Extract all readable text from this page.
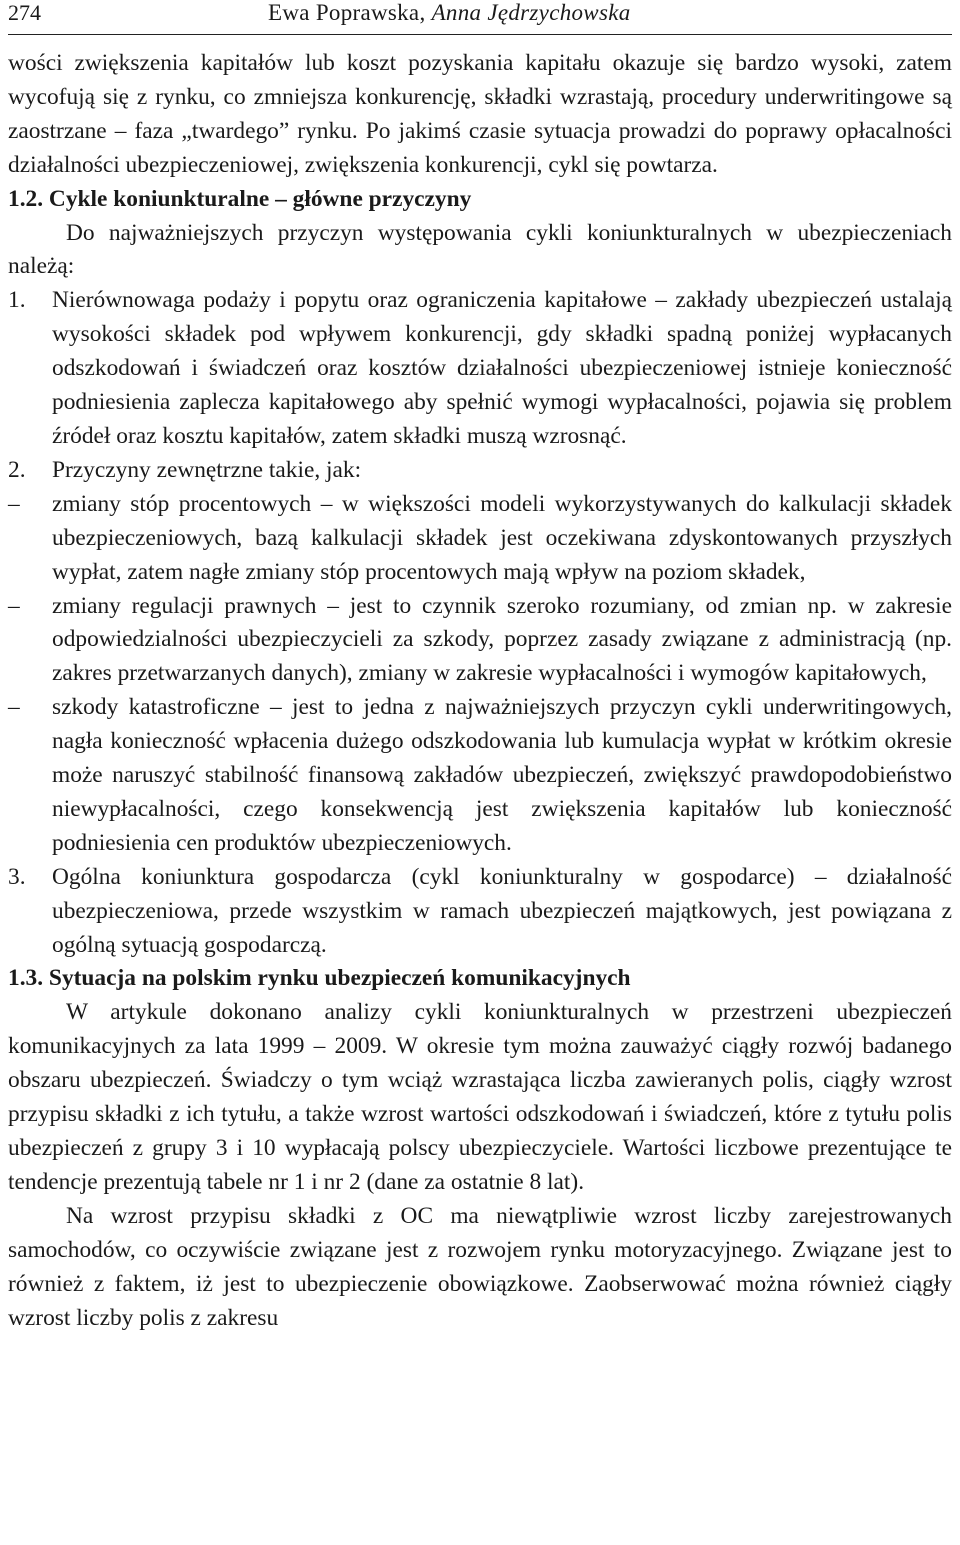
274	Ewa Poprawska, Anna Jędrzychowska

wości zwiększenia kapitałów lub koszt pozyskania kapitału okazuje się bardzo wysoki, zatem wycofują się z rynku, co zmniejsza konkurencję, składki wzrastają, procedury underwritingowe są zaostrzane – faza „twardego” rynku. Po jakimś czasie sytuacja prowadzi do poprawy opłacalności działalności ubezpieczeniowej, zwiększenia konkurencji, cykl się powtarza.

1.2. Cykle koniunkturalne – główne przyczyny

Do najważniejszych przyczyn występowania cykli koniunkturalnych w ubezpieczeniach należą:

1.	Nierównowaga podaży i popytu oraz ograniczenia kapitałowe – zakłady ubezpieczeń ustalają wysokości składek pod wpływem konkurencji, gdy składki spadną poniżej wypłacanych odszkodowań i świadczeń oraz kosztów działalności ubezpieczeniowej istnieje konieczność podniesienia zaplecza kapitałowego aby spełnić wymogi wypłacalności, pojawia się problem źródeł oraz kosztu kapitałów, zatem składki muszą wzrosnąć.
2.	Przyczyny zewnętrzne takie, jak:
–	zmiany stóp procentowych – w większości modeli wykorzystywanych do kalkulacji składek ubezpieczeniowych, bazą kalkulacji składek jest oczekiwana zdyskontowanych przyszłych wypłat, zatem nagłe zmiany stóp procentowych mają wpływ na poziom składek,
–	zmiany regulacji prawnych – jest to czynnik szeroko rozumiany, od zmian np. w zakresie odpowiedzialności ubezpieczycieli za szkody, poprzez zasady związane z administracją (np. zakres przetwarzanych danych), zmiany w zakresie wypłacalności i wymogów kapitałowych,
–	szkody katastroficzne – jest to jedna z najważniejszych przyczyn cykli underwritingowych, nagła konieczność wpłacenia dużego odszkodowania lub kumulacja wypłat w krótkim okresie może naruszyć stabilność finansową zakładów ubezpieczeń, zwiększyć prawdopodobieństwo niewypłacalności, czego konsekwencją jest zwiększenia kapitałów lub konieczność podniesienia cen produktów ubezpieczeniowych.
3.	Ogólna koniunktura gospodarcza (cykl koniunkturalny w gospodarce) – działalność ubezpieczeniowa, przede wszystkim w ramach ubezpieczeń majątkowych, jest powiązana z ogólną sytuacją gospodarczą.

1.3. Sytuacja na polskim rynku ubezpieczeń komunikacyjnych

W artykule dokonano analizy cykli koniunkturalnych w przestrzeni ubezpieczeń komunikacyjnych za lata 1999 – 2009. W okresie tym można zauważyć ciągły rozwój badanego obszaru ubezpieczeń. Świadczy o tym wciąż wzrastająca liczba zawieranych polis, ciągły wzrost przypisu składki z ich tytułu, a także wzrost wartości odszkodowań i świadczeń, które z tytułu polis ubezpieczeń z grupy 3 i 10 wypłacają polscy ubezpieczyciele. Wartości liczbowe prezentujące te tendencje prezentują tabele nr 1 i nr 2 (dane za ostatnie 8 lat).

Na wzrost przypisu składki z OC ma niewątpliwie wzrost liczby zarejestrowanych samochodów, co oczywiście związane jest z rozwojem rynku motoryzacyjnego. Związane jest to również z faktem, iż jest to ubezpieczenie obowiązkowe. Zaobserwować można również ciągły wzrost liczby polis z zakresu
